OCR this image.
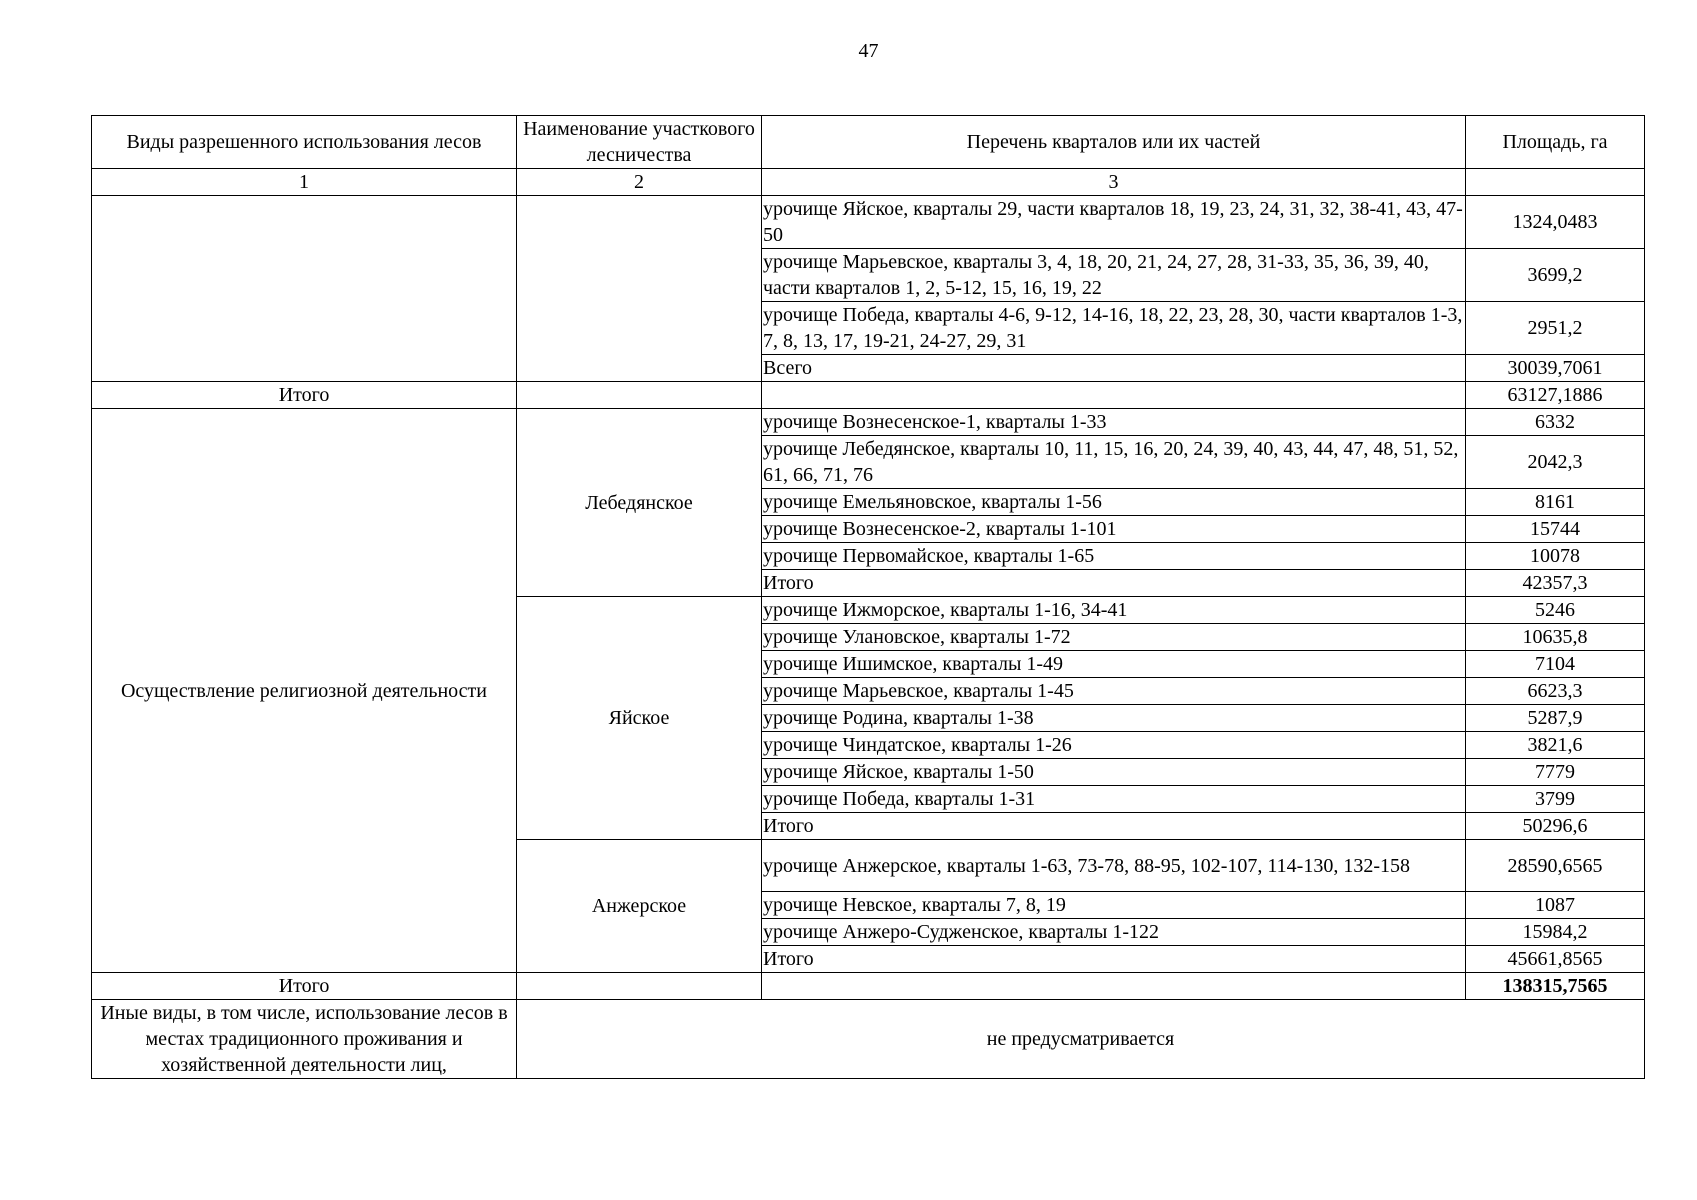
47
Виды разрешенного использования лесов	Наименование участкового лесничества	Перечень кварталов или их частей	Площадь, га
1	2	3	
		урочище Яйское, кварталы 29, части кварталов 18, 19, 23, 24, 31, 32, 38-41, 43, 47-50	1324,0483
		урочище Марьевское, кварталы 3, 4, 18, 20, 21, 24, 27, 28, 31-33, 35, 36, 39, 40, части кварталов 1, 2, 5-12, 15, 16, 19, 22	3699,2
		урочище Победа, кварталы 4-6, 9-12, 14-16, 18, 22, 23, 28, 30, части кварталов 1-3, 7, 8, 13, 17, 19-21, 24-27, 29, 31	2951,2
		Всего	30039,7061
Итого			63127,1886
Осуществление религиозной деятельности	Лебедянское	урочище Вознесенское-1, кварталы 1-33	6332
		урочище Лебедянское, кварталы 10, 11, 15, 16, 20, 24, 39, 40, 43, 44, 47, 48, 51, 52, 61, 66, 71, 76	2042,3
		урочище Емельяновское, кварталы 1-56	8161
		урочище Вознесенское-2, кварталы 1-101	15744
		урочище Первомайское, кварталы 1-65	10078
		Итого	42357,3
	Яйское	урочище Ижморское, кварталы 1-16, 34-41	5246
		урочище Улановское, кварталы 1-72	10635,8
		урочище Ишимское, кварталы 1-49	7104
		урочище Марьевское, кварталы 1-45	6623,3
		урочище Родина, кварталы 1-38	5287,9
		урочище Чиндатское, кварталы 1-26	3821,6
		урочище Яйское, кварталы 1-50	7779
		урочище Победа, кварталы 1-31	3799
		Итого	50296,6
	Анжерское	урочище Анжерское, кварталы 1-63, 73-78, 88-95, 102-107, 114-130, 132-158	28590,6565
		урочище Невское, кварталы 7, 8, 19	1087
		урочище Анжеро-Судженское, кварталы 1-122	15984,2
		Итого	45661,8565
Итого			138315,7565
Иные виды, в том числе, использование лесов в местах традиционного проживания и хозяйственной деятельности лиц,	не предусматривается		
